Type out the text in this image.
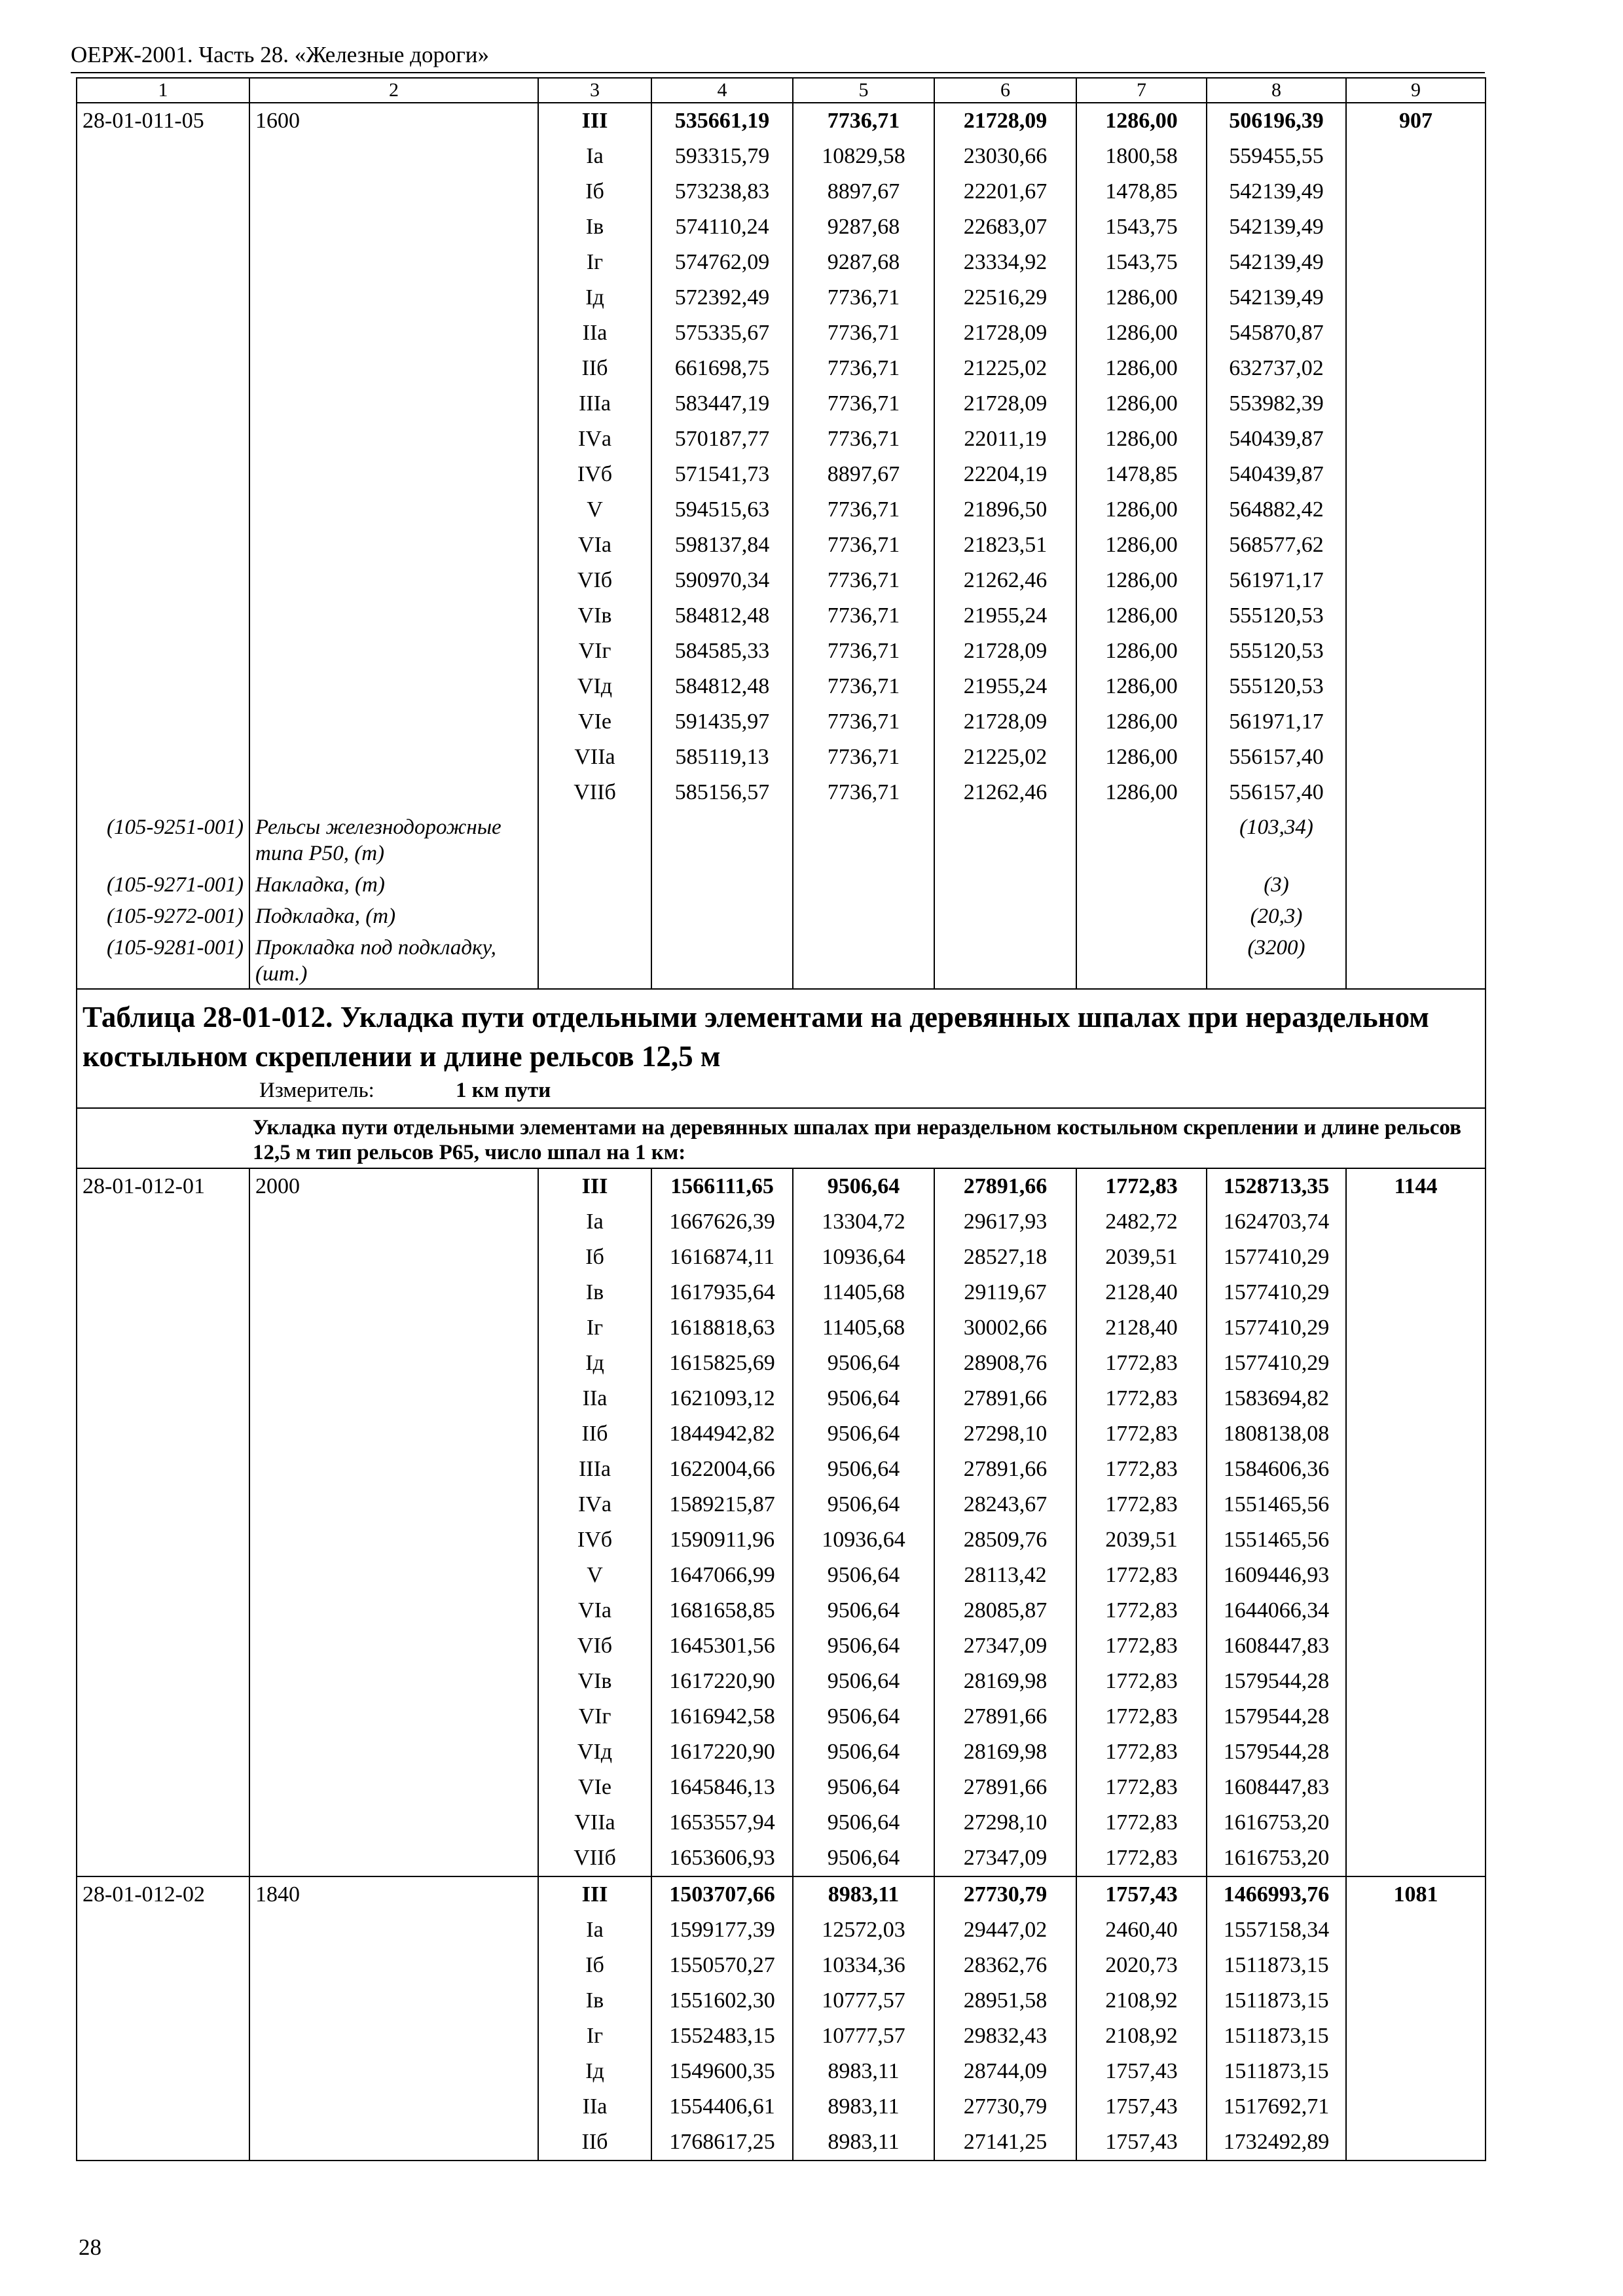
ОЕРЖ-2001. Часть 28. «Железные дороги»
1	2	3	4	5	6	7	8	9
28-01-011-05	1600	III	535661,19	7736,71	21728,09	1286,00	506196,39	907
		Iа	593315,79	10829,58	23030,66	1800,58	559455,55	
		Iб	573238,83	8897,67	22201,67	1478,85	542139,49	
		Iв	574110,24	9287,68	22683,07	1543,75	542139,49	
		Iг	574762,09	9287,68	23334,92	1543,75	542139,49	
		Iд	572392,49	7736,71	22516,29	1286,00	542139,49	
		IIа	575335,67	7736,71	21728,09	1286,00	545870,87	
		IIб	661698,75	7736,71	21225,02	1286,00	632737,02	
		IIIа	583447,19	7736,71	21728,09	1286,00	553982,39	
		IVа	570187,77	7736,71	22011,19	1286,00	540439,87	
		IVб	571541,73	8897,67	22204,19	1478,85	540439,87	
		V	594515,63	7736,71	21896,50	1286,00	564882,42	
		VIа	598137,84	7736,71	21823,51	1286,00	568577,62	
		VIб	590970,34	7736,71	21262,46	1286,00	561971,17	
		VIв	584812,48	7736,71	21955,24	1286,00	555120,53	
		VIг	584585,33	7736,71	21728,09	1286,00	555120,53	
		VIд	584812,48	7736,71	21955,24	1286,00	555120,53	
		VIе	591435,97	7736,71	21728,09	1286,00	561971,17	
		VIIа	585119,13	7736,71	21225,02	1286,00	556157,40	
		VIIб	585156,57	7736,71	21262,46	1286,00	556157,40	
(105-9251-001)	Рельсы железнодорожные типа Р50, (т)						(103,34)	
(105-9271-001)	Накладка, (т)						(3)	
(105-9272-001)	Подкладка, (т)						(20,3)	
(105-9281-001)	Прокладка под подкладку, (шт.)						(3200)	

Таблица 28-01-012. Укладка пути отдельными элементами на деревянных шпалах при нераздельном костыльном скреплении и длине рельсов 12,5 м
Измеритель: 1 км пути								

Укладка пути отдельными элементами на деревянных шпалах при нераздельном костыльном скреплении и длине рельсов 12,5 м тип рельсов Р65, число шпал на 1 км:								
28-01-012-01	2000	III	1566111,65	9506,64	27891,66	1772,83	1528713,35	1144
		Iа	1667626,39	13304,72	29617,93	2482,72	1624703,74	
		Iб	1616874,11	10936,64	28527,18	2039,51	1577410,29	
		Iв	1617935,64	11405,68	29119,67	2128,40	1577410,29	
		Iг	1618818,63	11405,68	30002,66	2128,40	1577410,29	
		Iд	1615825,69	9506,64	28908,76	1772,83	1577410,29	
		IIа	1621093,12	9506,64	27891,66	1772,83	1583694,82	
		IIб	1844942,82	9506,64	27298,10	1772,83	1808138,08	
		IIIа	1622004,66	9506,64	27891,66	1772,83	1584606,36	
		IVа	1589215,87	9506,64	28243,67	1772,83	1551465,56	
		IVб	1590911,96	10936,64	28509,76	2039,51	1551465,56	
		V	1647066,99	9506,64	28113,42	1772,83	1609446,93	
		VIа	1681658,85	9506,64	28085,87	1772,83	1644066,34	
		VIб	1645301,56	9506,64	27347,09	1772,83	1608447,83	
		VIв	1617220,90	9506,64	28169,98	1772,83	1579544,28	
		VIг	1616942,58	9506,64	27891,66	1772,83	1579544,28	
		VIд	1617220,90	9506,64	28169,98	1772,83	1579544,28	
		VIе	1645846,13	9506,64	27891,66	1772,83	1608447,83	
		VIIа	1653557,94	9506,64	27298,10	1772,83	1616753,20	
		VIIб	1653606,93	9506,64	27347,09	1772,83	1616753,20	
28-01-012-02	1840	III	1503707,66	8983,11	27730,79	1757,43	1466993,76	1081
		Iа	1599177,39	12572,03	29447,02	2460,40	1557158,34	
		Iб	1550570,27	10334,36	28362,76	2020,73	1511873,15	
		Iв	1551602,30	10777,57	28951,58	2108,92	1511873,15	
		Iг	1552483,15	10777,57	29832,43	2108,92	1511873,15	
		Iд	1549600,35	8983,11	28744,09	1757,43	1511873,15	
		IIа	1554406,61	8983,11	27730,79	1757,43	1517692,71	
		IIб	1768617,25	8983,11	27141,25	1757,43	1732492,89	
28
